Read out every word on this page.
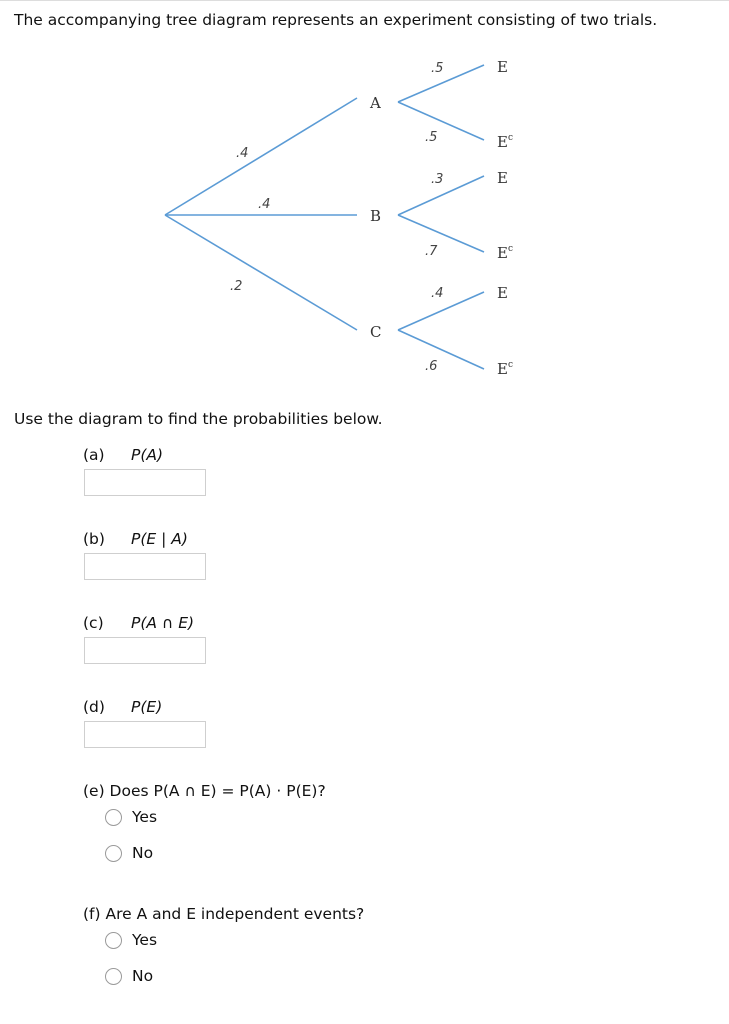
The accompanying tree diagram represents an experiment consisting of two trials.
A
B
C
.4
.4
.2
.5
.5
.3
.7
.4
.6
E
$E^c$
E
$E^c$
E
$E^c$
Use the diagram to find the probabilities below.
(a) P(A)
(b) P(E | A)
(c) P(A ∩ E)
(d) P(E)
(e) Does P(A ∩ E) = P(A) · P(E)?
Yes
No
(f) Are A and E independent events?
Yes
No
